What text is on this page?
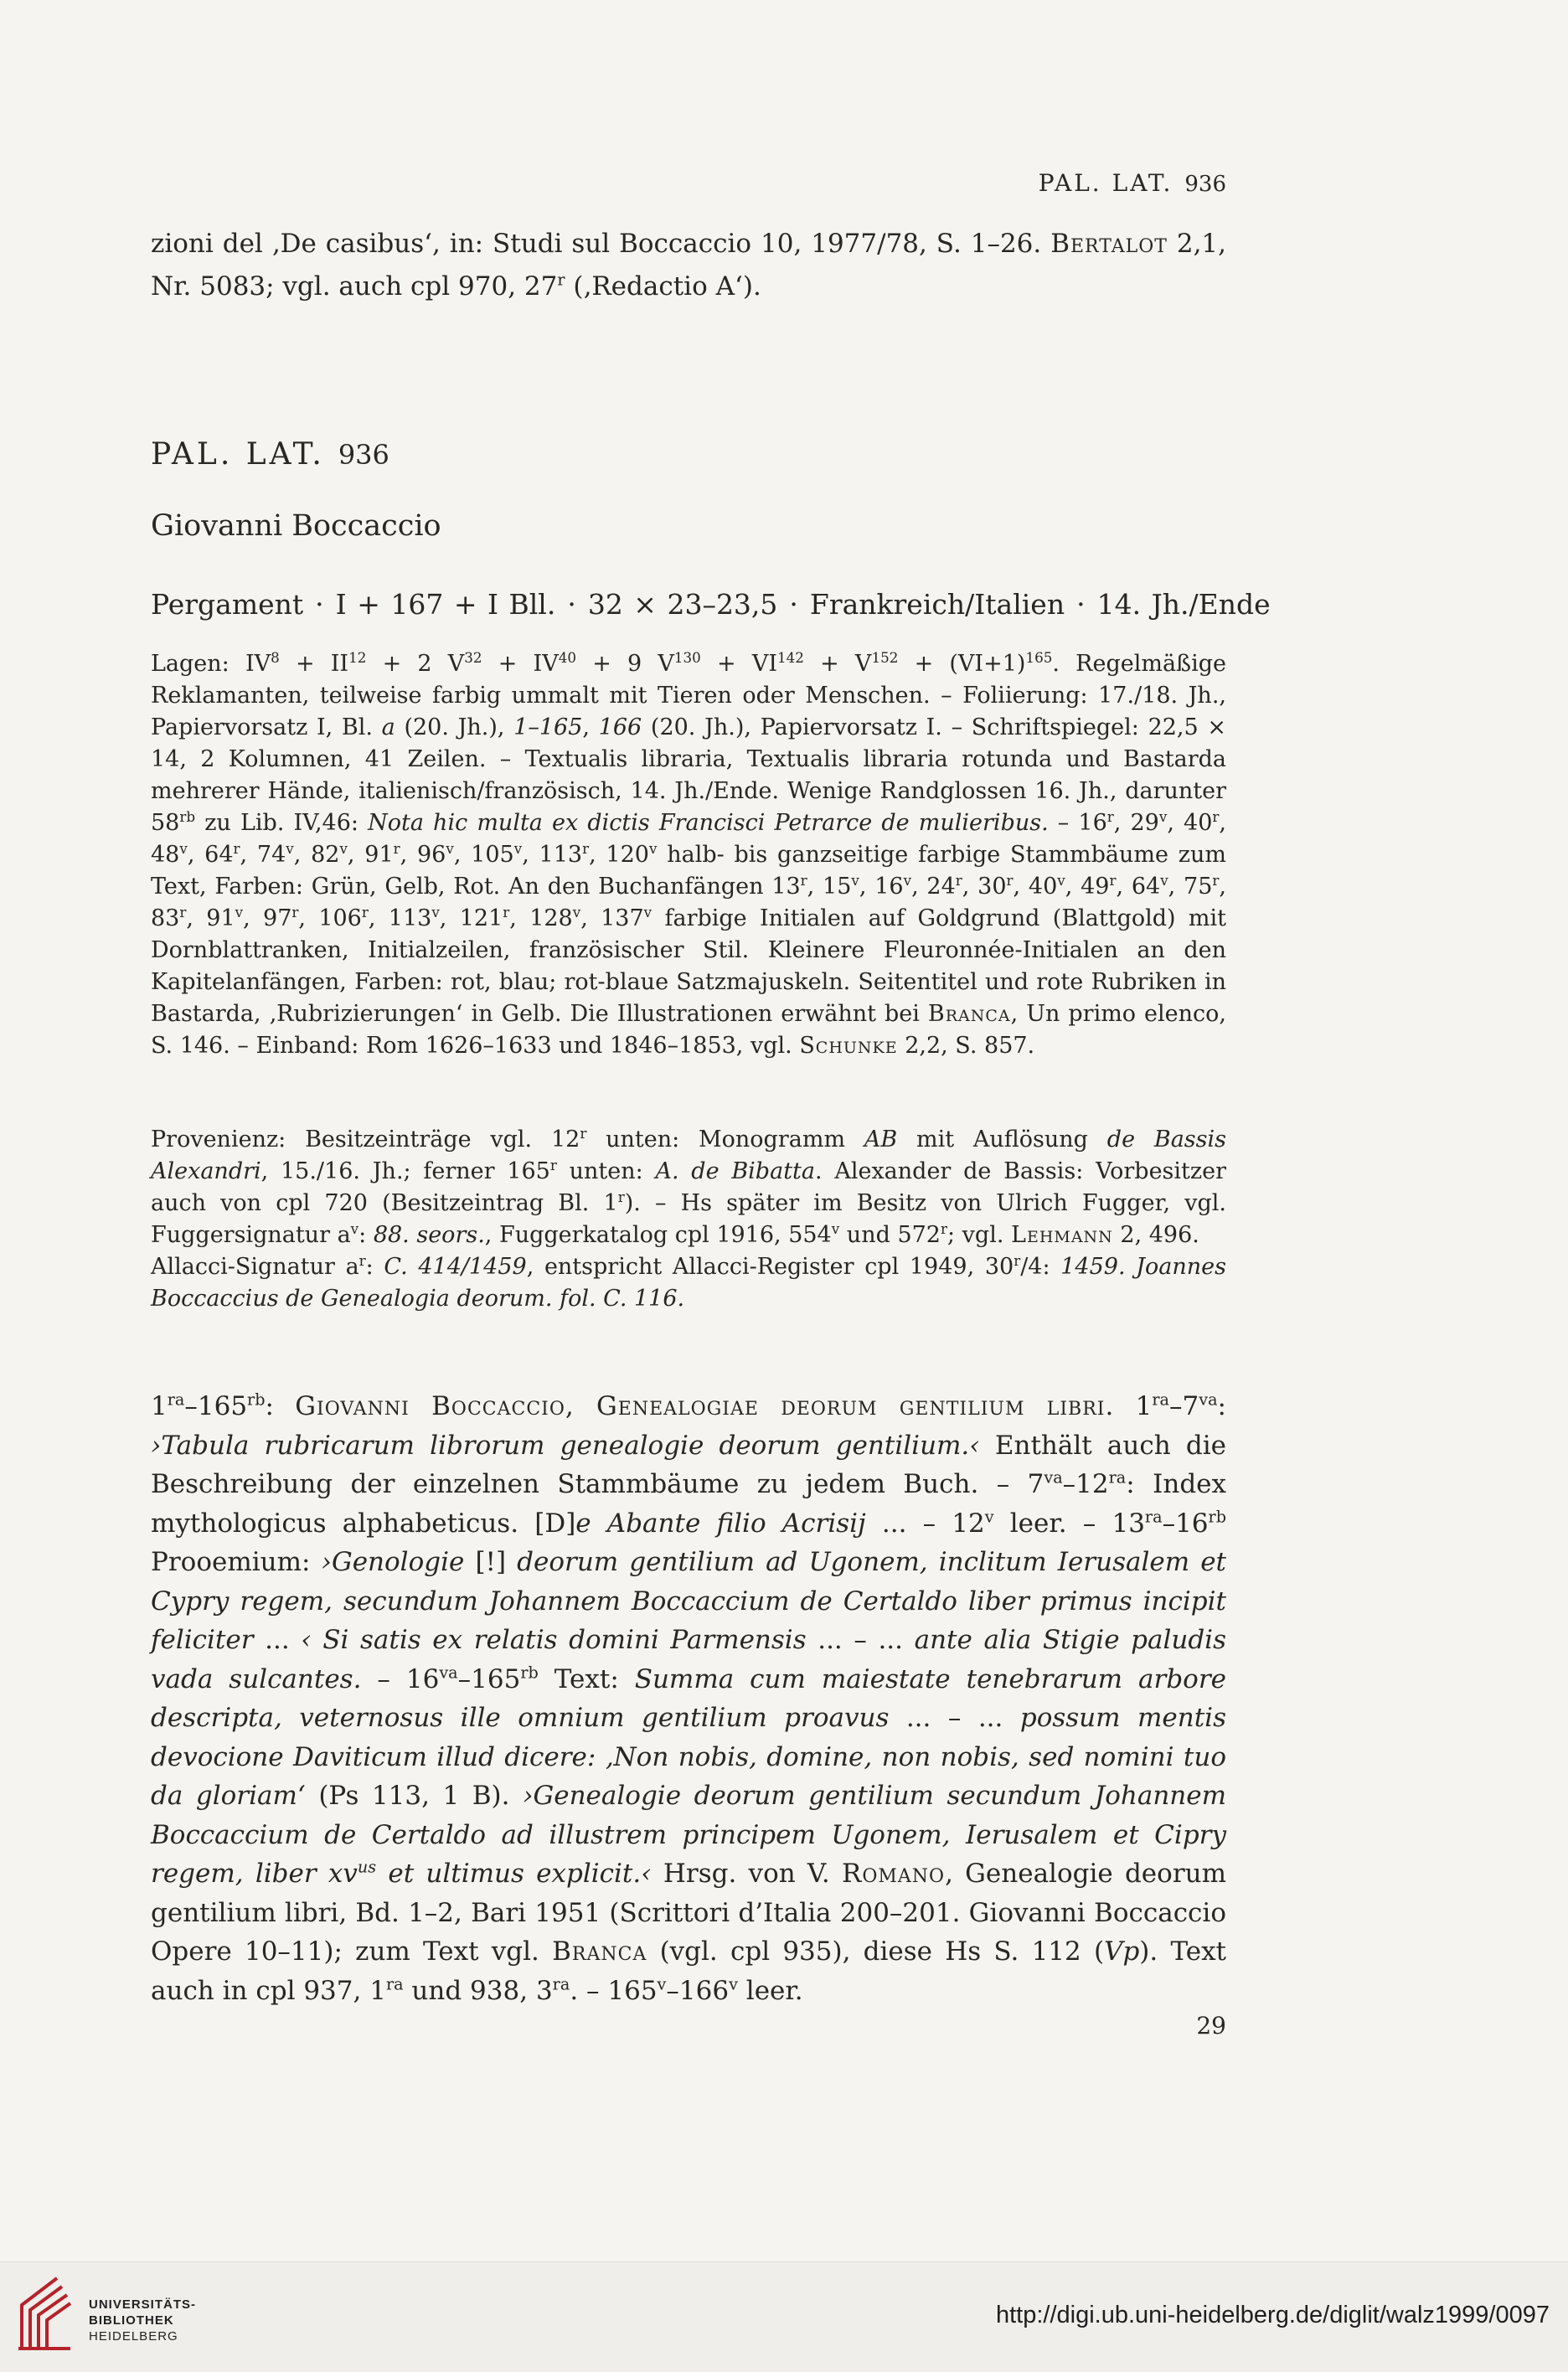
PAL. LAT. 936
zioni del ‚De casibus‘, in: Studi sul Boccaccio 10, 1977/78, S. 1–26. Bertalot 2,1, Nr. 5083; vgl. auch cpl 970, 27$^r$ (‚Redactio A‘).
PAL. LAT. 936
Giovanni Boccaccio
Pergament · I + 167 + I Bll. · 32 × 23–23,5 · Frankreich/Italien · 14. Jh./Ende
Lagen: $IV^8 + II^{12} + 2$ $V^{32} + IV^{40} + 9$ $V^{130} + VI^{142} + V^{152} + (VI+1)^{165}$. Regelmäßige Reklamanten, teilweise farbig ummalt mit Tieren oder Menschen. – Foliierung: 17./18. Jh., Papiervorsatz I, Bl. a (20. Jh.), 1–165, 166 (20. Jh.), Papiervorsatz I. – Schriftspiegel: 22,5 × 14, 2 Kolumnen, 41 Zeilen. – Textualis libraria, Textualis libraria rotunda und Bastarda mehrerer Hände, italienisch/französisch, 14. Jh./Ende. Wenige Randglossen 16. Jh., darunter $58^{rb}$ zu Lib. IV,46: Nota hic multa ex dictis Francisci Petrarce de mulieribus. – 16$^r$, 29$^v$, 40$^r$, 48$^v$, 64$^r$, 74$^v$, 82$^v$, 91$^r$, 96$^v$, 105$^v$, 113$^r$, 120$^v$ halb- bis ganzseitige farbige Stammbäume zum Text, Farben: Grün, Gelb, Rot. An den Buchanfängen 13$^r$, 15$^v$, 16$^v$, 24$^r$, 30$^r$, 40$^v$, 49$^r$, 64$^v$, 75$^r$, 83$^r$, 91$^v$, 97$^r$, 106$^r$, 113$^v$, 121$^r$, 128$^v$, 137$^v$ farbige Initialen auf Goldgrund (Blattgold) mit Dornblattranken, Initialzeilen, französischer Stil. Kleinere Fleuronnée-Initialen an den Kapitelanfängen, Farben: rot, blau; rot-blaue Satzmajuskeln. Seitentitel und rote Rubriken in Bastarda, ‚Rubrizierungen‘ in Gelb. Die Illustrationen erwähnt bei Branca, Un primo elenco, S. 146. – Einband: Rom 1626–1633 und 1846–1853, vgl. Schunke 2,2, S. 857.

Provenienz: Besitzeinträge vgl. 12$^r$ unten: Monogramm AB mit Auflösung de Bassis Alexandri, 15./16. Jh.; ferner 165$^r$ unten: A. de Bibatta. Alexander de Bassis: Vorbesitzer auch von cpl 720 (Besitzeintrag Bl. 1$^r$). – Hs später im Besitz von Ulrich Fugger, vgl. Fuggersignatur $a^v$: 88. seors., Fuggerkatalog cpl 1916, 554$^v$ und 572$^r$; vgl. Lehmann 2, 496.

Allacci-Signatur $a^r$: C. 414/1459, entspricht Allacci-Register cpl 1949, 30$^r$/4: 1459. Joannes Boccaccius de Genealogia deorum. fol. C. 116.

$1^{ra}-165^{rb}$: Giovanni Boccaccio, Genealogiae deorum gentilium libri. $1^{ra}-7^{va}$: ›Tabula rubricarum librorum genealogie deorum gentilium.‹ Enthält auch die Beschreibung der einzelnen Stammbäume zu jedem Buch. – $7^{va}-12^{ra}$: Index mythologicus alphabeticus. [D]e Abante filio Acrisij ... – 12$^v$ leer. – $13^{ra}-16^{rb}$ Prooemium: ›Genologie [!] deorum gentilium ad Ugonem, inclitum Ierusalem et Cypry regem, secundum Johannem Boccaccium de Certaldo liber primus incipit feliciter ... ‹ Si satis ex relatis domini Parmensis ... – ... ante alia Stigie paludis vada sulcantes. – $16^{va}-165^{rb}$ Text: Summa cum maiestate tenebrarum arbore descripta, veternosus ille omnium gentilium proavus ... – ... possum mentis devocione Daviticum illud dicere: ‚Non nobis, domine, non nobis, sed nomini tuo da gloriam‘ (Ps 113, 1 B). ›Genealogie deorum gentilium secundum Johannem Boccaccium de Certaldo ad illustrem principem Ugonem, Ierusalem et Cipry regem, liber $xv^{us}$ et ultimus explicit.‹ Hrsg. von V. Romano, Genealogie deorum gentilium libri, Bd. 1–2, Bari 1951 (Scrittori d’Italia 200–201. Giovanni Boccaccio Opere 10–11); zum Text vgl. Branca (vgl. cpl 935), diese Hs S. 112 (Vp). Text auch in cpl 937, $1^{ra}$ und 938, $3^{ra}$. – 165$^v$–166$^v$ leer.
29
UNIVERSITÄTS-
BIBLIOTHEK
HEIDELBERG
http://digi.ub.uni-heidelberg.de/diglit/walz1999/0097
